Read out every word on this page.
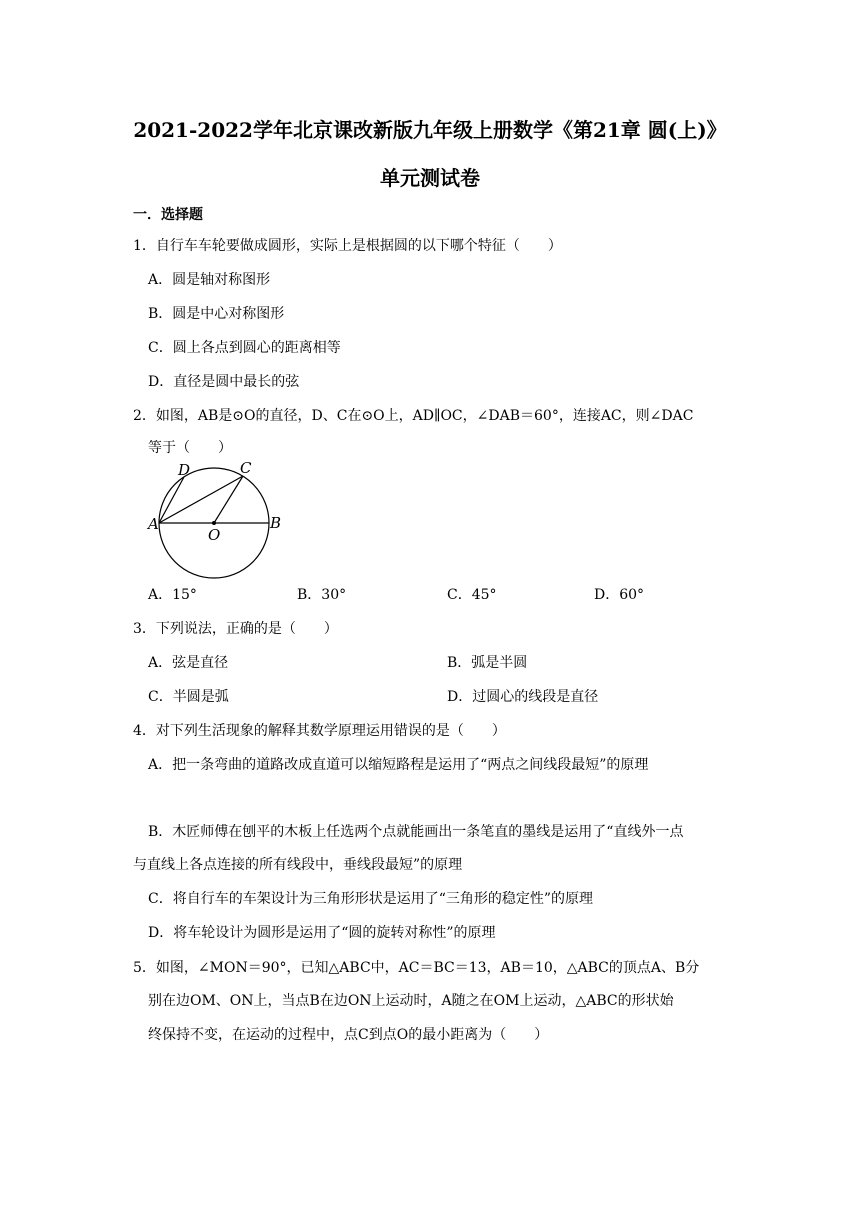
2021-2022学年北京课改新版九年级上册数学《第21章 圆(上)》
单元测试卷
一．选择题
1．自行车车轮要做成圆形，实际上是根据圆的以下哪个特征（　　）
A．圆是轴对称图形
B．圆是中心对称图形
C．圆上各点到圆心的距离相等
D．直径是圆中最长的弦
2．如图，AB是⊙O的直径，D、C在⊙O上，AD∥OC，∠DAB＝60°，连接AC，则∠DAC
等于（　　）
A	B
C
D
O
A．15°	B．30°	C．45°	D．60°
3．下列说法，正确的是（　　）
A．弦是直径	B．弧是半圆
C．半圆是弧	D．过圆心的线段是直径
4．对下列生活现象的解释其数学原理运用错误的是（　　）
A．把一条弯曲的道路改成直道可以缩短路程是运用了“两点之间线段最短”的原理
B．木匠师傅在刨平的木板上任选两个点就能画出一条笔直的墨线是运用了“直线外一点
与直线上各点连接的所有线段中，垂线段最短”的原理
C．将自行车的车架设计为三角形形状是运用了“三角形的稳定性”的原理
D．将车轮设计为圆形是运用了“圆的旋转对称性”的原理
5．如图，∠MON＝90°，已知△ABC中，AC＝BC＝13，AB＝10，△ABC的顶点A、B分
别在边OM、ON上，当点B在边ON上运动时，A随之在OM上运动，△ABC的形状始
终保持不变，在运动的过程中，点C到点O的最小距离为（　　）
